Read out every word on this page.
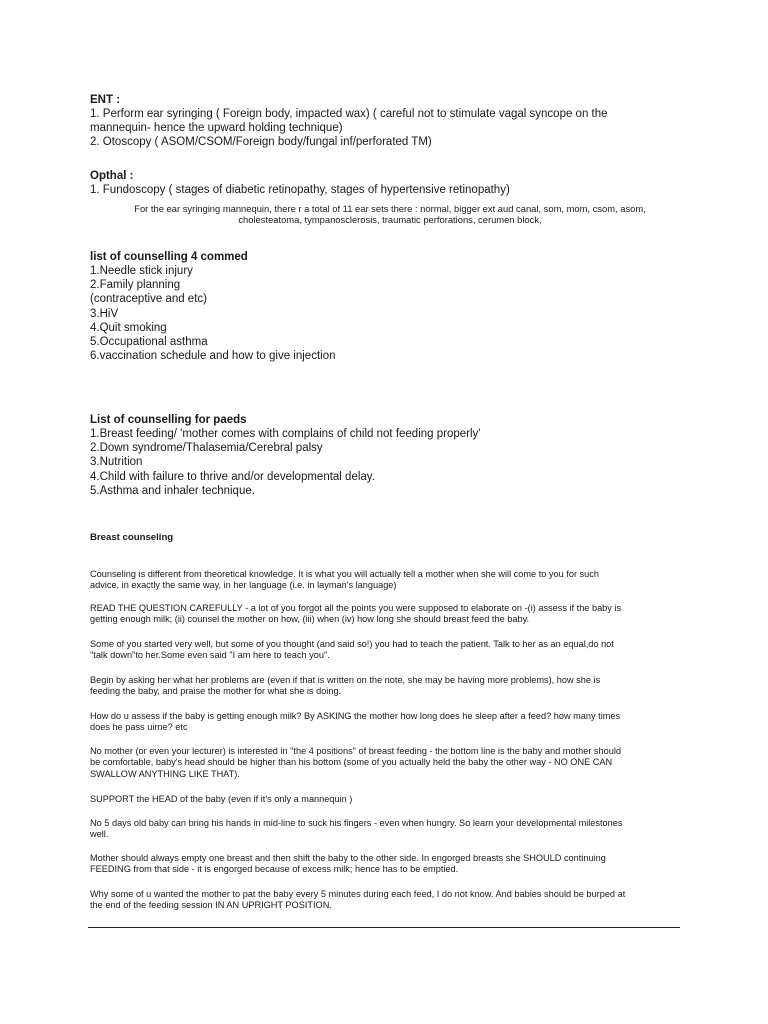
ENT :

1. Perform ear syringing ( Foreign body, impacted wax) ( careful not to stimulate vagal syncope on the

mannequin- hence the upward holding technique)

2. Otoscopy ( ASOM/CSOM/Foreign body/fungal inf/perforated TM)

Opthal :

1. Fundoscopy ( stages of diabetic retinopathy, stages of hypertensive retinopathy)

For the ear syringing mannequin, there r a total of 11 ear sets there : normal, bigger ext aud canal, som, mom, csom, asom,
cholesteatoma, tympanosclerosis, traumatic perforations, cerumen block,

list of counselling 4 commed

1.Needle stick injury

2.Family planning

(contraceptive and etc)

3.HiV

4.Quit smoking

5.Occupational asthma

6.vaccination schedule and how to give injection

List of counselling for paeds

1.Breast feeding/ 'mother comes with complains of child not feeding properly'

2.Down syndrome/Thalasemia/Cerebral palsy

3.Nutrition

4.Child with failure to thrive and/or developmental delay.

5.Asthma and inhaler technique.

Breast counseling

Counseling is different from theoretical knowledge. It is what you will actually tell a mother when she will come to you for such

advice, in exactly the same way, in her language (i.e. in layman's language)

READ THE QUESTION CAREFULLY - a lot of you forgot all the points you were supposed to elaborate on -(i) assess if the baby is

getting enough milk; (ii) counsel the mother on how, (iii) when (iv) how long she should breast feed the baby.

Some of you started very well, but some of you thought (and said so!) you had to teach the patient. Talk to her as an equal,do not

"talk down"to her.Some even said "I am here to teach you".

Begin by asking her what her problems are (even if that is written on the note, she may be having more problems), how she is

feeding the baby, and praise the mother for what she is doing.

How do u assess if the baby is getting enough milk? By ASKING the mother how long does he sleep after a feed? how many times

does he pass uirne? etc

No mother (or even your lecturer) is interested in "the 4 positions" of breast feeding - the bottom line is the baby and mother should

be comfortable, baby's head should be higher than his bottom (some of you actually held the baby the other way - NO ONE CAN

SWALLOW ANYTHING LIKE THAT).

SUPPORT the HEAD of the baby (even if it's only a mannequin )

No 5 days old baby can bring his hands in mid-line to suck his fingers - even when hungry. So learn your developmental milestones

well.

Mother should always empty one breast and then shift the baby to the other side. In engorged breasts she SHOULD continuing

FEEDING from that side - it is engorged because of excess milk; hence has to be emptied.

Why some of u wanted the mother to pat the baby every 5 minutes during each feed, I do not know. And babies should be burped at

the end of the feeding session IN AN UPRIGHT POSITION.
